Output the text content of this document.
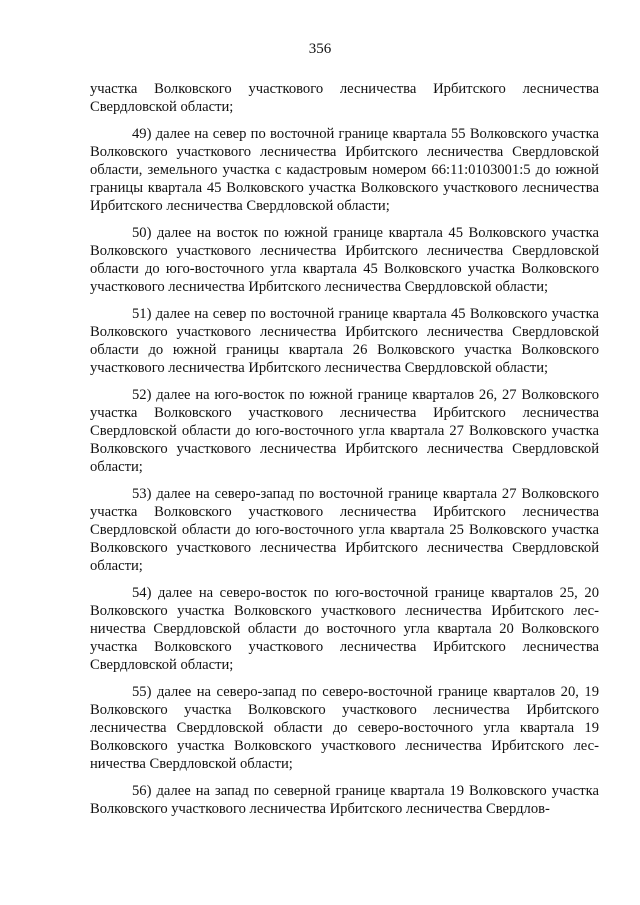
356

участка Волковского участкового лесничества Ирбитского лесничества Свердловской области;

49) далее на север по восточной границе квартала 55 Волковского участка Волковского участкового лесничества Ирбитского лесничества Свердловской области, земельного участка с кадастровым номером 66:11:0103001:5 до южной границы квартала 45 Волковского участка Волковского участкового лесничества Ирбитского лесничества Свердловской области;

50) далее на восток по южной границе квартала 45 Волковского участка Волковского участкового лесничества Ирбитского лесничества Свердловской области до юго-восточного угла квартала 45 Волковского участка Волковского участкового лесничества Ирбитского лесничества Свердловской области;

51) далее на север по восточной границе квартала 45 Волковского участка Волковского участкового лесничества Ирбитского лесничества Свердловской области до южной границы квартала 26 Волковского участка Волковского участкового лесничества Ирбитского лесничества Свердловской области;

52) далее на юго-восток по южной границе кварталов 26, 27 Волковского участка Волковского участкового лесничества Ирбитского лесничества Свердловской области до юго-восточного угла квартала 27 Волковского участка Волковского участкового лесничества Ирбитского лесничества Свердловской области;

53) далее на северо-запад по восточной границе квартала 27 Волковского участка Волковского участкового лесничества Ирбитского лесничества Свердловской области до юго-восточного угла квартала 25 Волковского участка Волковского участкового лесничества Ирбитского лесничества Свердловской области;

54) далее на северо-восток по юго-восточной границе кварталов 25, 20 Волковского участка Волковского участкового лесничества Ирбитского лесничества Свердловской области до восточного угла квартала 20 Волковского участка Волковского участкового лесничества Ирбитского лесничества Свердловской области;

55) далее на северо-запад по северо-восточной границе кварталов 20, 19 Волковского участка Волковского участкового лесничества Ирбитского лесничества Свердловской области до северо-восточного угла квартала 19 Волковского участка Волковского участкового лесничества Ирбитского лесничества Свердловской области;

56) далее на запад по северной границе квартала 19 Волковского участка Волковского участкового лесничества Ирбитского лесничества Свердлов-
